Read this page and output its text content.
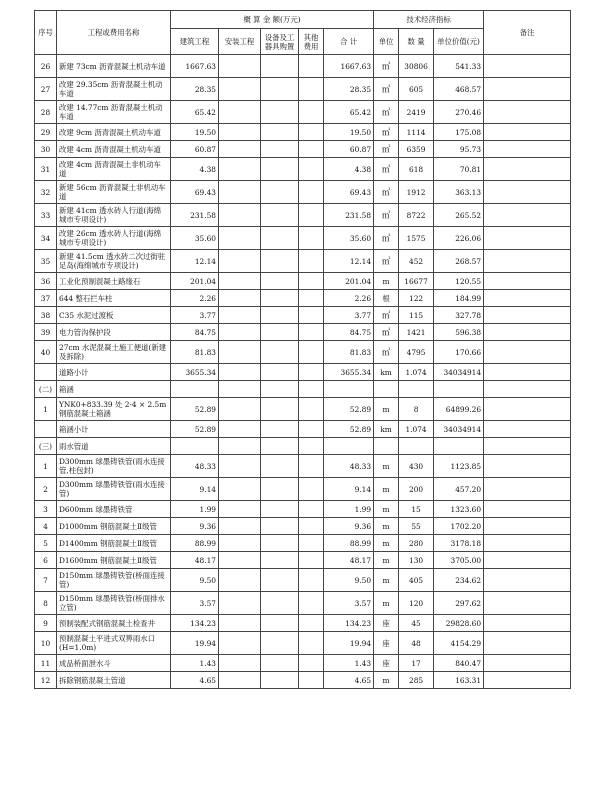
序号	工程或费用名称	概 算 金 额(万元)					技术经济指标			备注
		建筑工程	安装工程	设备及工器具购置	其他费用	合 计	单位	数 量	单位价值(元)	
26	新建 73cm 沥青混凝土机动车道	1667.63				1667.63	㎡	30806	541.33	
27	改建 29.35cm 沥青混凝土机动车道	28.35				28.35	㎡	605	468.57	
28	改建 14.77cm 沥青混凝土机动车道	65.42				65.42	㎡	2419	270.46	
29	改建 9cm 沥青混凝土机动车道	19.50				19.50	㎡	1114	175.08	
30	改建 4cm 沥青混凝土机动车道	60.87				60.87	㎡	6359	95.73	
31	改建 4cm 沥青混凝土非机动车道	4.38				4.38	㎡	618	70.81	
32	新建 56cm 沥青混凝土非机动车道	69.43				69.43	㎡	1912	363.13	
33	新建 41cm 透水砖人行道(海绵城市专项设计)	231.58				231.58	㎡	8722	265.52	
34	改建 26cm 透水砖人行道(海绵城市专项设计)	35.60				35.60	㎡	1575	226.06	
35	新建 41.5cm 透水砖二次过街驻足岛(海绵城市专项设计)	12.14				12.14	㎡	452	268.57	
36	工业化预制混凝土路缘石	201.04				201.04	m	16677	120.55	
37	644 整石拦车柱	2.26				2.26	根	122	184.99	
38	C35 水泥过渡板	3.77				3.77	㎡	115	327.78	
39	电力管沟保护段	84.75				84.75	㎡	1421	596.38	
40	27cm 水泥混凝土施工便道(新建及拆除)	81.83				81.83	㎡	4795	170.66	
	道路小计	3655.34				3655.34	km	1.074	34034914	
(二)	箱涵									
1	YNK0+833.39 处 2-4 × 2.5m 钢筋混凝土箱涵	52.89				52.89	m	8	64899.26	
	箱涵小计	52.89				52.89	km	1.074	34034914	
(三)	雨水管道									
1	D300mm 球墨铸铁管(雨水连接管,柱包封)	48.33				48.33	m	430	1123.85	
2	D300mm 球墨铸铁管(雨水连接管)	9.14				9.14	m	200	457.20	
3	D600mm 球墨铸铁管	1.99				1.99	m	15	1323.60	
4	D1000mm 钢筋混凝土Ⅱ级管	9.36				9.36	m	55	1702.20	
5	D1400mm 钢筋混凝土Ⅱ级管	88.99				88.99	m	280	3178.18	
6	D1600mm 钢筋混凝土Ⅱ级管	48.17				48.17	m	130	3705.00	
7	D150mm 球墨铸铁管(桥面连接管)	9.50				9.50	m	405	234.62	
8	D150mm 球墨铸铁管(桥面排水立管)	3.57				3.57	m	120	297.62	
9	预制装配式钢筋混凝土检查井	134.23				134.23	座	45	29828.60	
10	预制混凝土平进式双箅雨水口(H=1.0m)	19.94				19.94	座	48	4154.29	
11	成品桥面泄水斗	1.43				1.43	座	17	840.47	
12	拆除钢筋混凝土管道	4.65				4.65	m	285	163.31	
